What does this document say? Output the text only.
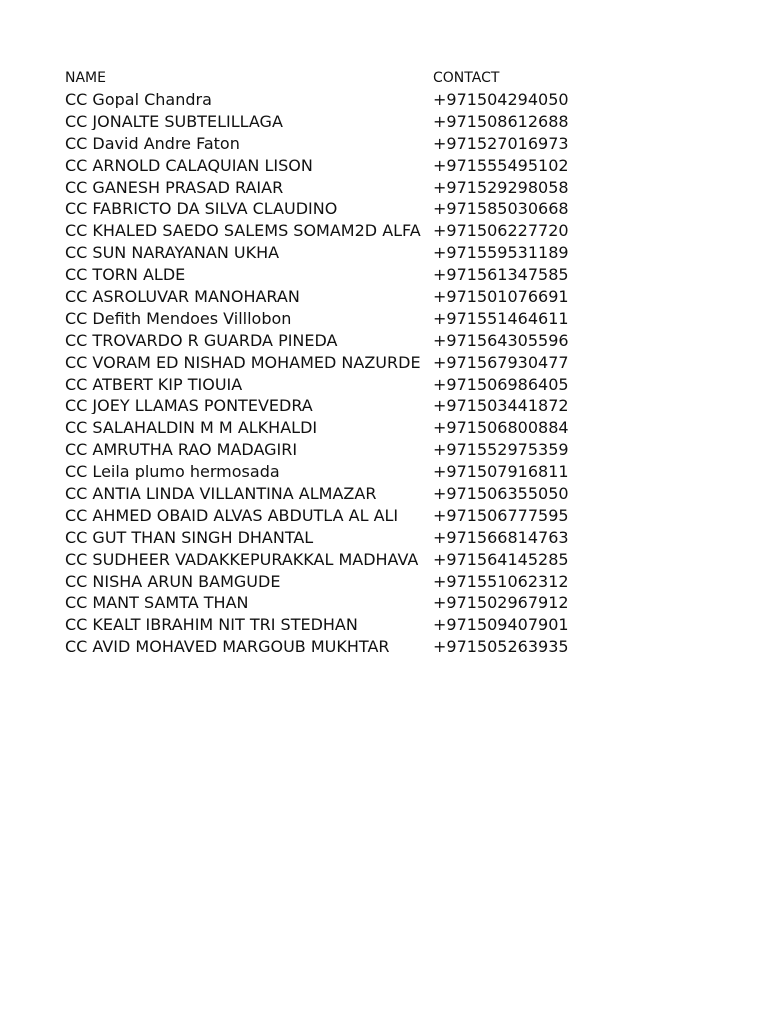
NAME	CONTACT
CC Gopal Chandra	+971504294050
CC JONALTE SUBTELILLAGA	+971508612688
CC David Andre Faton	+971527016973
CC ARNOLD CALAQUIAN LISON	+971555495102
CC GANESH PRASAD RAIAR	+971529298058
CC FABRICTO DA SILVA CLAUDINO	+971585030668
CC KHALED SAEDO SALEMS SOMAM2D ALFA +971506227720
CC SUN NARAYANAN UKHA	+971559531189
CC TORN ALDE	+971561347585
CC ASROLUVAR MANOHARAN	+971501076691
CC Defith Mendoes Villlobon	+971551464611
CC TROVARDO R GUARDA PINEDA	+971564305596
CC VORAM ED NISHAD MOHAMED NAZURDE +971567930477
CC ATBERT KIP TIOUIA	+971506986405
CC JOEY LLAMAS PONTEVEDRA	+971503441872
CC SALAHALDIN M M ALKHALDI	+971506800884
CC AMRUTHA RAO MADAGIRI	+971552975359
CC Leila plumo hermosada	+971507916811
CC ANTIA LINDA VILLANTINA ALMAZAR	+971506355050
CC AHMED OBAID ALVAS ABDUTLA AL ALI	+971506777595
CC GUT THAN SINGH DHANTAL	+971566814763
CC SUDHEER VADAKKEPURAKKAL MADHAVA +971564145285
CC NISHA ARUN BAMGUDE	+971551062312
CC MANT SAMTA THAN	+971502967912
CC KEALT IBRAHIM NIT TRI STEDHAN	+971509407901
CC AVID MOHAVED MARGOUB MUKHTAR	+971505263935
